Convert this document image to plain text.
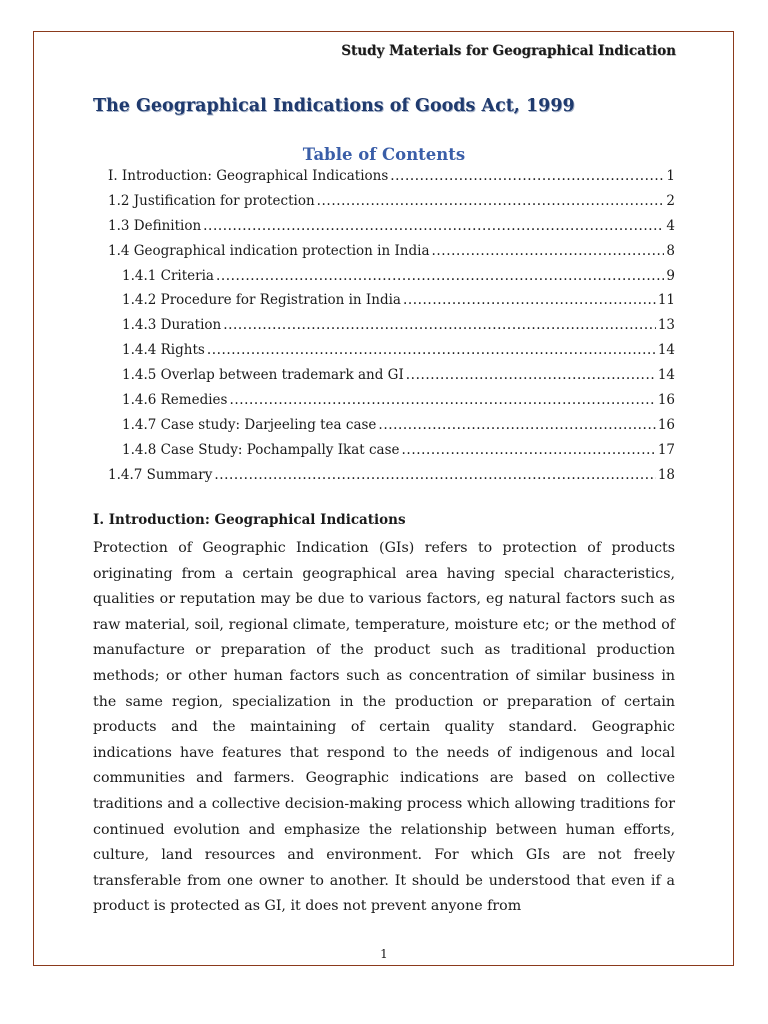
Study Materials for Geographical Indication
The Geographical Indications of Goods Act, 1999
Table of Contents
I. Introduction: Geographical Indications .....	1
1.2 Justification for protection .....	2
1.3 Definition .....	4
1.4 Geographical indication protection in India .....	8
1.4.1 Criteria .....	9
1.4.2 Procedure for Registration in India .....	11
1.4.3 Duration .....	13
1.4.4 Rights .....	14
1.4.5 Overlap between trademark and GI .....	14
1.4.6 Remedies .....	16
1.4.7 Case study: Darjeeling tea case .....	16
1.4.8 Case Study: Pochampally Ikat case .....	17
1.4.7 Summary .....	18
I. Introduction: Geographical Indications

Protection of Geographic Indication (GIs) refers to protection of products originating from a certain geographical area having special characteristics, qualities or reputation may be due to various factors, eg natural factors such as raw material, soil, regional climate, temperature, moisture etc; or the method of manufacture or preparation of the product such as traditional production methods; or other human factors such as concentration of similar business in the same region, specialization in the production or preparation of certain products and the maintaining of certain quality standard. Geographic indications have features that respond to the needs of indigenous and local communities and farmers. Geographic indications are based on collective traditions and a collective decision-making process which allowing traditions for continued evolution and emphasize the relationship between human efforts, culture, land resources and environment. For which GIs are not freely transferable from one owner to another. It should be understood that even if a product is protected as GI, it does not prevent anyone from

1
